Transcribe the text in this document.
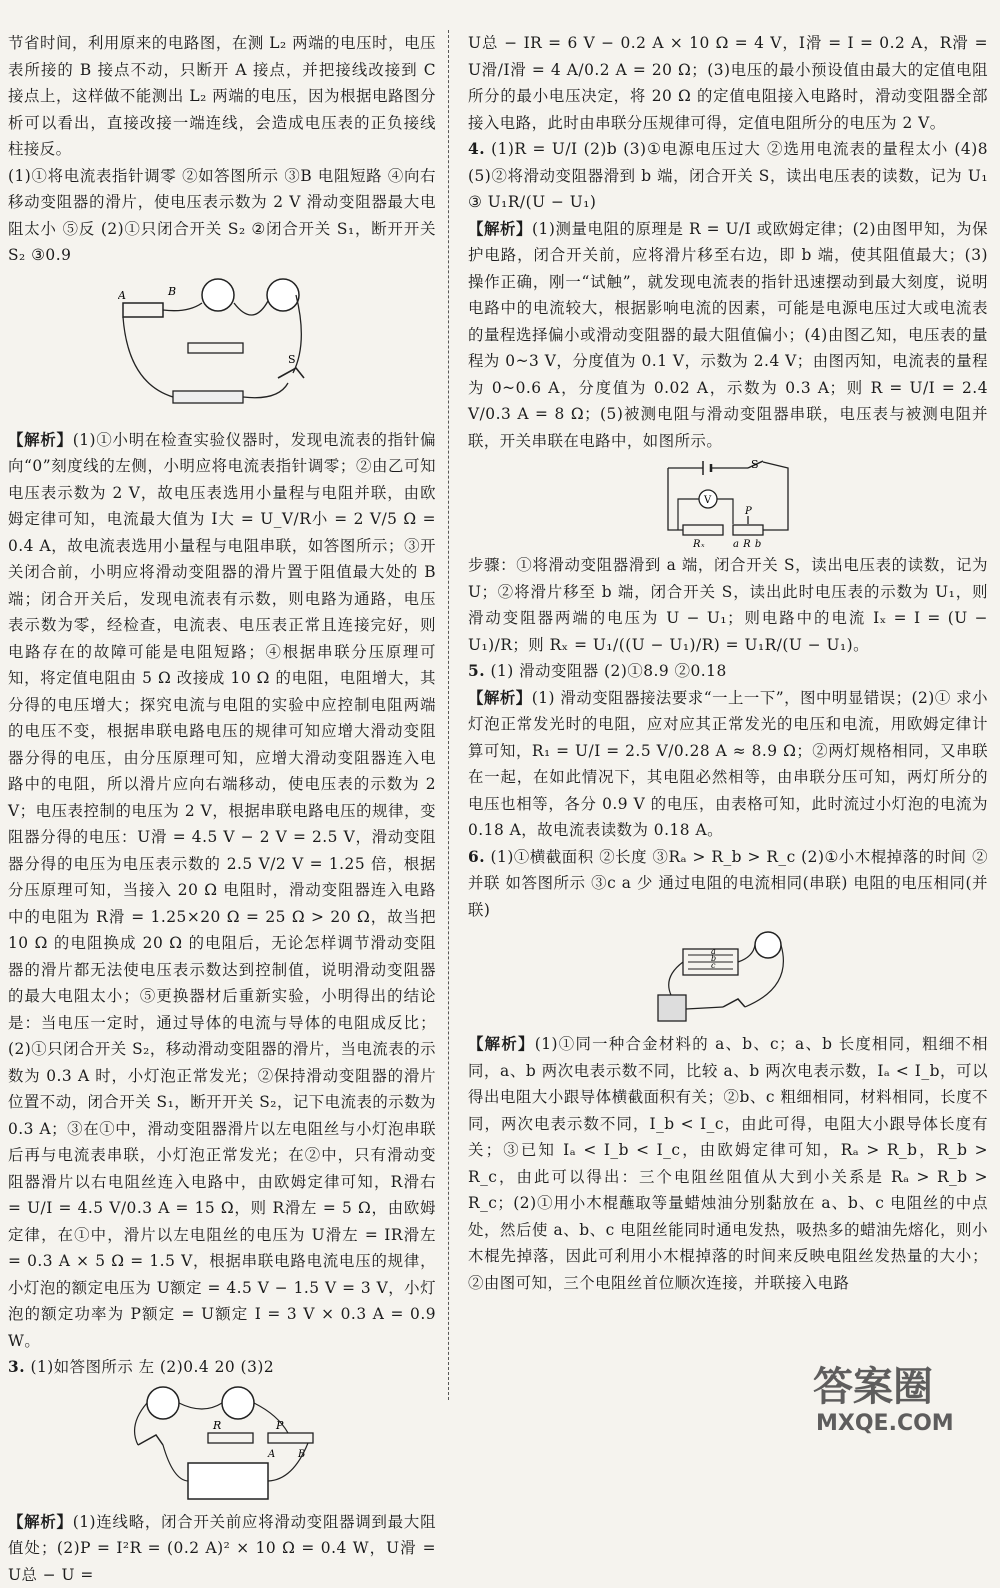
节省时间，利用原来的电路图，在测 L₂ 两端的电压时，电压表所接的 B 接点不动，只断开 A 接点，并把接线改接到 C 接点上，这样做不能测出 L₂ 两端的电压，因为根据电路图分析可以看出，直接改接一端连线，会造成电压表的正负接线柱接反。

(1)①将电流表指针调零 ②如答图所示 ③B 电阻短路 ④向右移动变阻器的滑片，使电压表示数为 2 V 滑动变阻器最大电阻太小 ⑤反 (2)①只闭合开关 S₂ ②闭合开关 S₁，断开开关 S₂ ③0.9

A	B
S

【解析】(1)①小明在检查实验仪器时，发现电流表的指针偏向“0”刻度线的左侧，小明应将电流表指针调零；②由乙可知电压表示数为 2 V，故电压表选用小量程与电阻并联，由欧姆定律可知，电流最大值为 I大 = U_V/R小 = 2 V/5 Ω = 0.4 A，故电流表选用小量程与电阻串联，如答图所示；③开关闭合前，小明应将滑动变阻器的滑片置于阻值最大处的 B 端；闭合开关后，发现电流表有示数，则电路为通路，电压表示数为零，经检查，电流表、电压表正常且连接完好，则电路存在的故障可能是电阻短路；④根据串联分压原理可知，将定值电阻由 5 Ω 改接成 10 Ω 的电阻，电阻增大，其分得的电压增大；探究电流与电阻的实验中应控制电阻两端的电压不变，根据串联电路电压的规律可知应增大滑动变阻器分得的电压，由分压原理可知，应增大滑动变阻器连入电路中的电阻，所以滑片应向右端移动，使电压表的示数为 2 V；电压表控制的电压为 2 V，根据串联电路电压的规律，变阻器分得的电压：U滑 = 4.5 V − 2 V = 2.5 V，滑动变阻器分得的电压为电压表示数的 2.5 V/2 V = 1.25 倍，根据分压原理可知，当接入 20 Ω 电阻时，滑动变阻器连入电路中的电阻为 R滑 = 1.25×20 Ω = 25 Ω > 20 Ω，故当把 10 Ω 的电阻换成 20 Ω 的电阻后，无论怎样调节滑动变阻器的滑片都无法使电压表示数达到控制值，说明滑动变阻器的最大电阻太小；⑤更换器材后重新实验，小明得出的结论是：当电压一定时，通过导体的电流与导体的电阻成反比；(2)①只闭合开关 S₂，移动滑动变阻器的滑片，当电流表的示数为 0.3 A 时，小灯泡正常发光；②保持滑动变阻器的滑片位置不动，闭合开关 S₁，断开开关 S₂，记下电流表的示数为 0.3 A；③在①中，滑动变阻器滑片以左电阻丝与小灯泡串联后再与电流表串联，小灯泡正常发光；在②中，只有滑动变阻器滑片以右电阻丝连入电路中，由欧姆定律可知，R滑右 = U/I = 4.5 V/0.3 A = 15 Ω，则 R滑左 = 5 Ω，由欧姆定律，在①中，滑片以左电阻丝的电压为 U滑左 = IR滑左 = 0.3 A × 5 Ω = 1.5 V，根据串联电路电流电压的规律，小灯泡的额定电压为 U额定 = 4.5 V − 1.5 V = 3 V，小灯泡的额定功率为 P额定 = U额定 I = 3 V × 0.3 A = 0.9 W。

3. (1)如答图所示 左 (2)0.4 20 (3)2

R	P
A B

【解析】(1)连线略，闭合开关前应将滑动变阻器调到最大阻值处；(2)P = I²R = (0.2 A)² × 10 Ω = 0.4 W，U滑 = U总 − U =

U总 − IR = 6 V − 0.2 A × 10 Ω = 4 V，I滑 = I = 0.2 A，R滑 = U滑/I滑 = 4 A/0.2 A = 20 Ω；(3)电压的最小预设值由最大的定值电阻所分的最小电压决定，将 20 Ω 的定值电阻接入电路时，滑动变阻器全部接入电路，此时由串联分压规律可得，定值电阻所分的电压为 2 V。

4. (1)R = U/I (2)b (3)①电源电压过大 ②选用电流表的量程太小 (4)8 (5)②将滑动变阻器滑到 b 端，闭合开关 S，读出电压表的读数，记为 U₁ ③ U₁R/(U − U₁)

【解析】(1)测量电阻的原理是 R = U/I 或欧姆定律；(2)由图甲知，为保护电路，闭合开关前，应将滑片移至右边，即 b 端，使其阻值最大；(3)操作正确，刚一“试触”，就发现电流表的指针迅速摆动到最大刻度，说明电路中的电流较大，根据影响电流的因素，可能是电源电压过大或电流表的量程选择偏小或滑动变阻器的最大阻值偏小；(4)由图乙知，电压表的量程为 0~3 V，分度值为 0.1 V，示数为 2.4 V；由图丙知，电流表的量程为 0~0.6 A，分度值为 0.02 A，示数为 0.3 A；则 R = U/I = 2.4 V/0.3 A = 8 Ω；(5)被测电阻与滑动变阻器串联，电压表与被测电阻并联，开关串联在电路中，如图所示。

S
V
P
Rₓ	a R b

步骤：①将滑动变阻器滑到 a 端，闭合开关 S，读出电压表的读数，记为 U；②将滑片移至 b 端，闭合开关 S，读出此时电压表的示数为 U₁，则滑动变阻器两端的电压为 U − U₁；则电路中的电流 Iₓ = I = (U − U₁)/R；则 Rₓ = U₁/((U − U₁)/R) = U₁R/(U − U₁)。

5. (1) 滑动变阻器 (2)①8.9 ②0.18

【解析】(1) 滑动变阻器接法要求“一上一下”，图中明显错误；(2)① 求小灯泡正常发光时的电阻，应对应其正常发光的电压和电流，用欧姆定律计算可知，R₁ = U/I = 2.5 V/0.28 A ≈ 8.9 Ω；②两灯规格相同，又串联在一起，在如此情况下，其电阻必然相等，由串联分压可知，两灯所分的电压也相等，各分 0.9 V 的电压，由表格可知，此时流过小灯泡的电流为 0.18 A，故电流表读数为 0.18 A。

6. (1)①横截面积 ②长度 ③Rₐ > R_b > R_c (2)①小木棍掉落的时间 ②并联 如答图所示 ③c a 少 通过电阻的电流相同(串联) 电阻的电压相同(并联)

a
b
c

【解析】(1)①同一种合金材料的 a、b、c；a、b 长度相同，粗细不相同，a、b 两次电表示数不同，比较 a、b 两次电表示数，Iₐ < I_b，可以得出电阻大小跟导体横截面积有关；②b、c 粗细相同，材料相同，长度不同，两次电表示数不同，I_b < I_c，由此可得，电阻大小跟导体长度有关；③已知 Iₐ < I_b < I_c，由欧姆定律可知，Rₐ > R_b，R_b > R_c，由此可以得出：三个电阻丝阻值从大到小关系是 Rₐ > R_b > R_c；(2)①用小木棍蘸取等量蜡烛油分别黏放在 a、b、c 电阻丝的中点处，然后使 a、b、c 电阻丝能同时通电发热，吸热多的蜡油先熔化，则小木棍先掉落，因此可利用小木棍掉落的时间来反映电阻丝发热量的大小；②由图可知，三个电阻丝首位顺次连接，并联接入电路

答案圈
MXQE.COM
